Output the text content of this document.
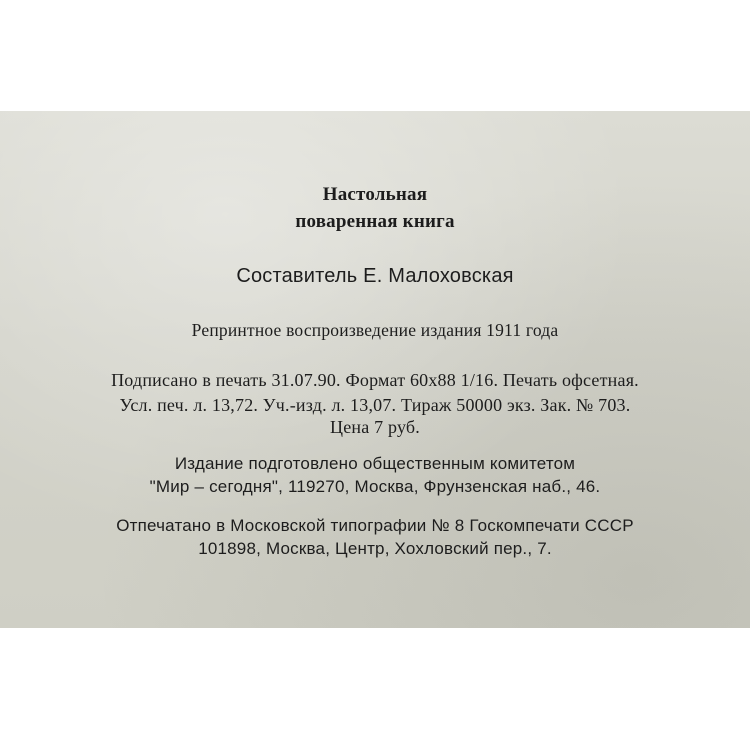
Настольная
поваренная книга
Составитель Е. Малоховская
Репринтное воспроизведение издания 1911 года
Подписано в печать 31.07.90. Формат 60х88 1/16. Печать офсетная.
Усл. печ. л. 13,72. Уч.-изд. л. 13,07. Тираж 50000 экз. Зак. № 703.
Цена 7 руб.
Издание подготовлено общественным комитетом
"Мир – сегодня", 119270, Москва, Фрунзенская наб., 46.
Отпечатано в Московской типографии № 8 Госкомпечати СССР
101898, Москва, Центр, Хохловский пер., 7.
